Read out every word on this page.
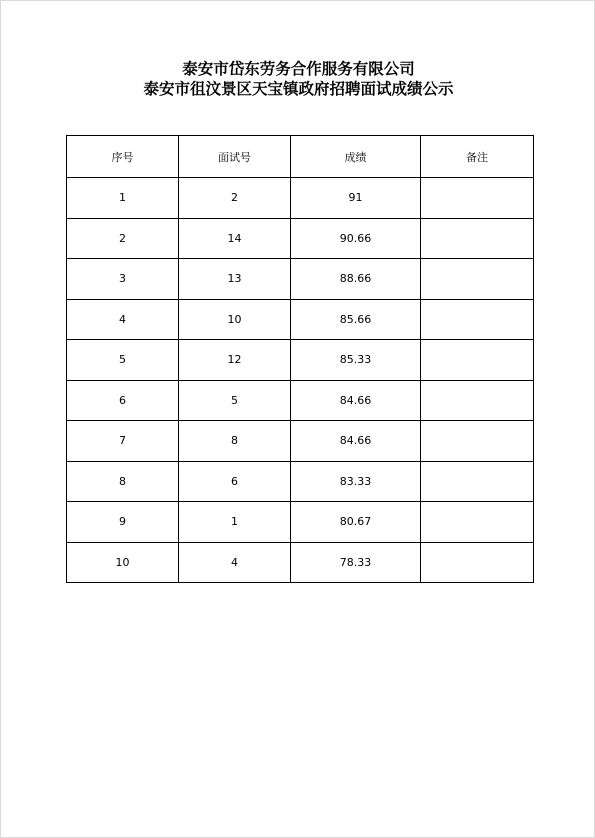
泰安市岱东劳务合作服务有限公司
泰安市徂汶景区天宝镇政府招聘面试成绩公示
序号	面试号	成绩	备注
1	2	91	
2	14	90.66	
3	13	88.66	
4	10	85.66	
5	12	85.33	
6	5	84.66	
7	8	84.66	
8	6	83.33	
9	1	80.67	
10	4	78.33	
